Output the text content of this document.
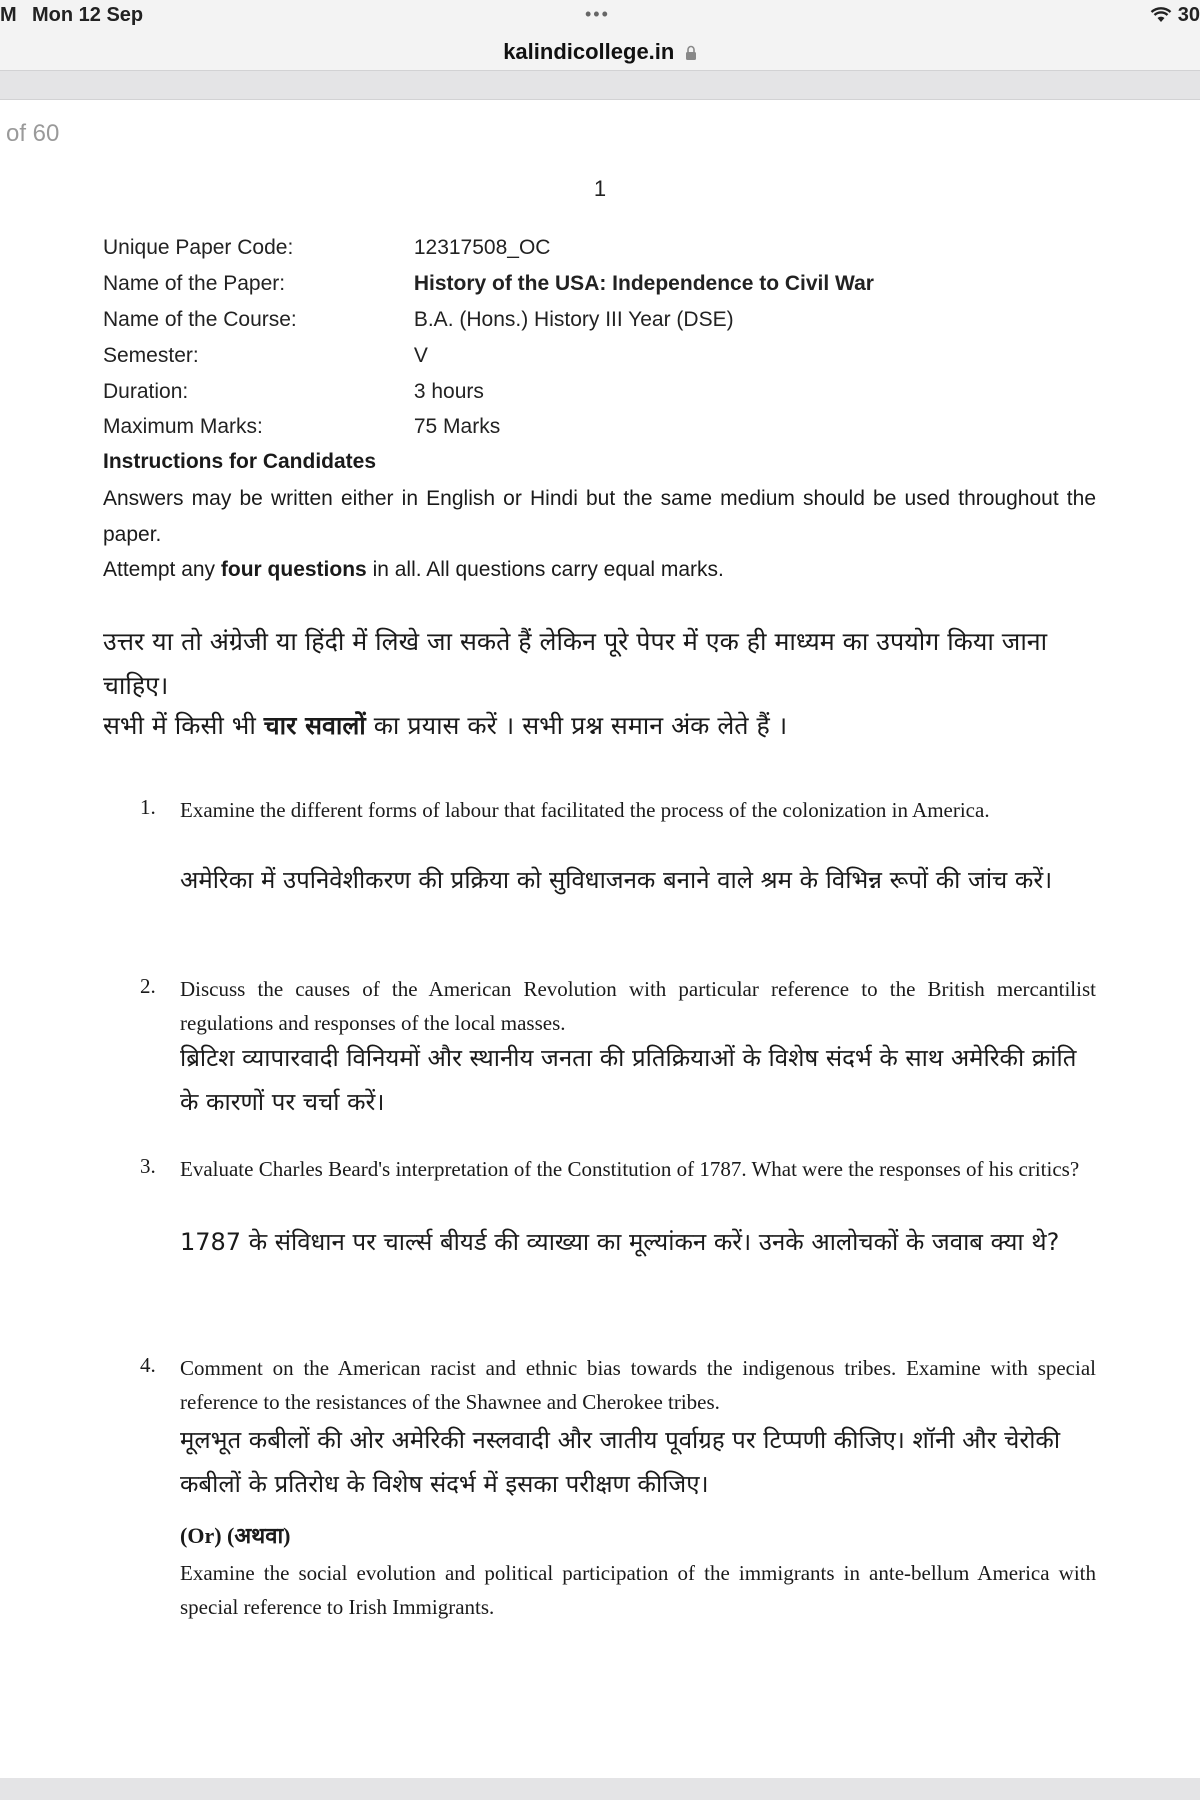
M Mon 12 Sep	•••	30
kalindicollege.in
of 60
1
Unique Paper Code:	12317508_OC
Name of the Paper:	History of the USA: Independence to Civil War
Name of the Course:	B.A. (Hons.) History III Year (DSE)
Semester:	V
Duration:	3 hours
Maximum Marks:	75 Marks
Instructions for Candidates
Answers may be written either in English or Hindi but the same medium should be used throughout the paper.
Attempt any four questions in all. All questions carry equal marks.
उत्तर या तो अंग्रेजी या हिंदी में लिखे जा सकते हैं लेकिन पूरे पेपर में एक ही माध्यम का उपयोग किया जाना चाहिए।
सभी में किसी भी चार सवालों का प्रयास करें । सभी प्रश्न समान अंक लेते हैं ।
1. Examine the different forms of labour that facilitated the process of the colonization in America.
अमेरिका में उपनिवेशीकरण की प्रक्रिया को सुविधाजनक बनाने वाले श्रम के विभिन्न रूपों की जांच करें।
2. Discuss the causes of the American Revolution with particular reference to the British mercantilist regulations and responses of the local masses.
ब्रिटिश व्यापारवादी विनियमों और स्थानीय जनता की प्रतिक्रियाओं के विशेष संदर्भ के साथ अमेरिकी क्रांति के कारणों पर चर्चा करें।
3. Evaluate Charles Beard's interpretation of the Constitution of 1787. What were the responses of his critics?
1787 के संविधान पर चार्ल्स बीयर्ड की व्याख्या का मूल्यांकन करें। उनके आलोचकों के जवाब क्या थे?
4. Comment on the American racist and ethnic bias towards the indigenous tribes. Examine with special reference to the resistances of the Shawnee and Cherokee tribes.
मूलभूत कबीलों की ओर अमेरिकी नस्लवादी और जातीय पूर्वाग्रह पर टिप्पणी कीजिए। शॉनी और चेरोकी कबीलों के प्रतिरोध के विशेष संदर्भ में इसका परीक्षण कीजिए।
(Or) (अथवा)
Examine the social evolution and political participation of the immigrants in ante-bellum America with special reference to Irish Immigrants.
